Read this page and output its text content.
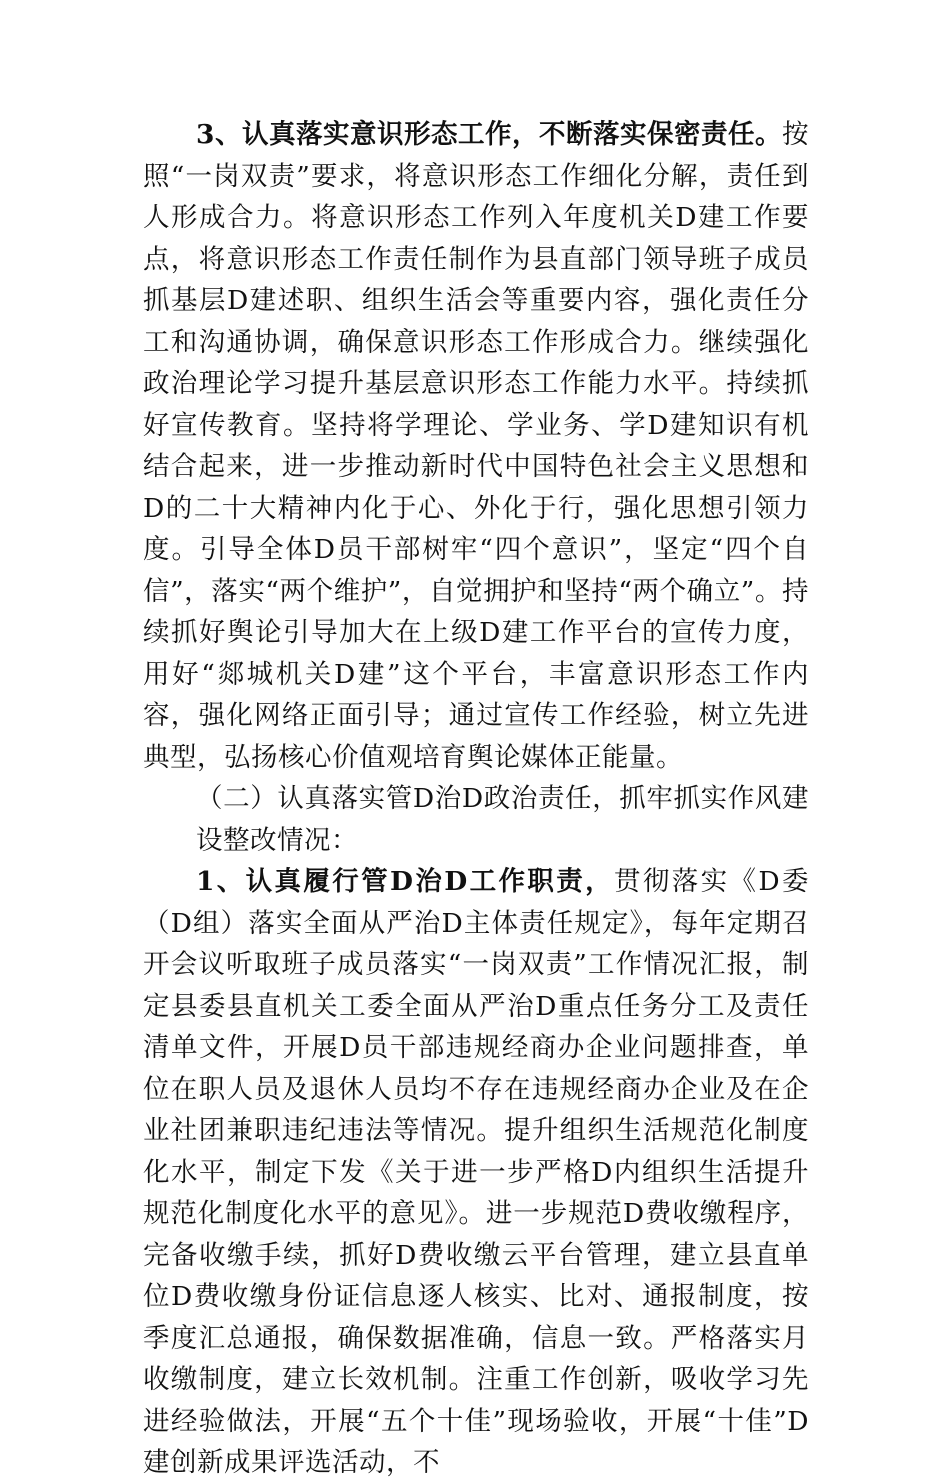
3、认真落实意识形态工作，不断落实保密责任。按照“一岗双责”要求，将意识形态工作细化分解，责任到人形成合力。将意识形态工作列入年度机关D建工作要点，将意识形态工作责任制作为县直部门领导班子成员抓基层D建述职、组织生活会等重要内容，强化责任分工和沟通协调，确保意识形态工作形成合力。继续强化政治理论学习提升基层意识形态工作能力水平。持续抓好宣传教育。坚持将学理论、学业务、学D建知识有机结合起来，进一步推动新时代中国特色社会主义思想和D的二十大精神内化于心、外化于行，强化思想引领力度。引导全体D员干部树牢“四个意识”，坚定“四个自信”，落实“两个维护”，自觉拥护和坚持“两个确立”。持续抓好舆论引导加大在上级D建工作平台的宣传力度，用好“郯城机关D建”这个平台，丰富意识形态工作内容，强化网络正面引导；通过宣传工作经验，树立先进典型，弘扬核心价值观培育舆论媒体正能量。

（二）认真落实管D治D政治责任，抓牢抓实作风建设整改情况：

1、认真履行管D治D工作职责，贯彻落实《D委（D组）落实全面从严治D主体责任规定》，每年定期召开会议听取班子成员落实“一岗双责”工作情况汇报，制定县委县直机关工委全面从严治D重点任务分工及责任清单文件，开展D员干部违规经商办企业问题排查，单位在职人员及退休人员均不存在违规经商办企业及在企业社团兼职违纪违法等情况。提升组织生活规范化制度化水平，制定下发《关于进一步严格D内组织生活提升规范化制度化水平的意见》。进一步规范D费收缴程序，完备收缴手续，抓好D费收缴云平台管理，建立县直单位D费收缴身份证信息逐人核实、比对、通报制度，按季度汇总通报，确保数据准确，信息一致。严格落实月收缴制度，建立长效机制。注重工作创新，吸收学习先进经验做法，开展“五个十佳”现场验收，开展“十佳”D建创新成果评选活动，不
